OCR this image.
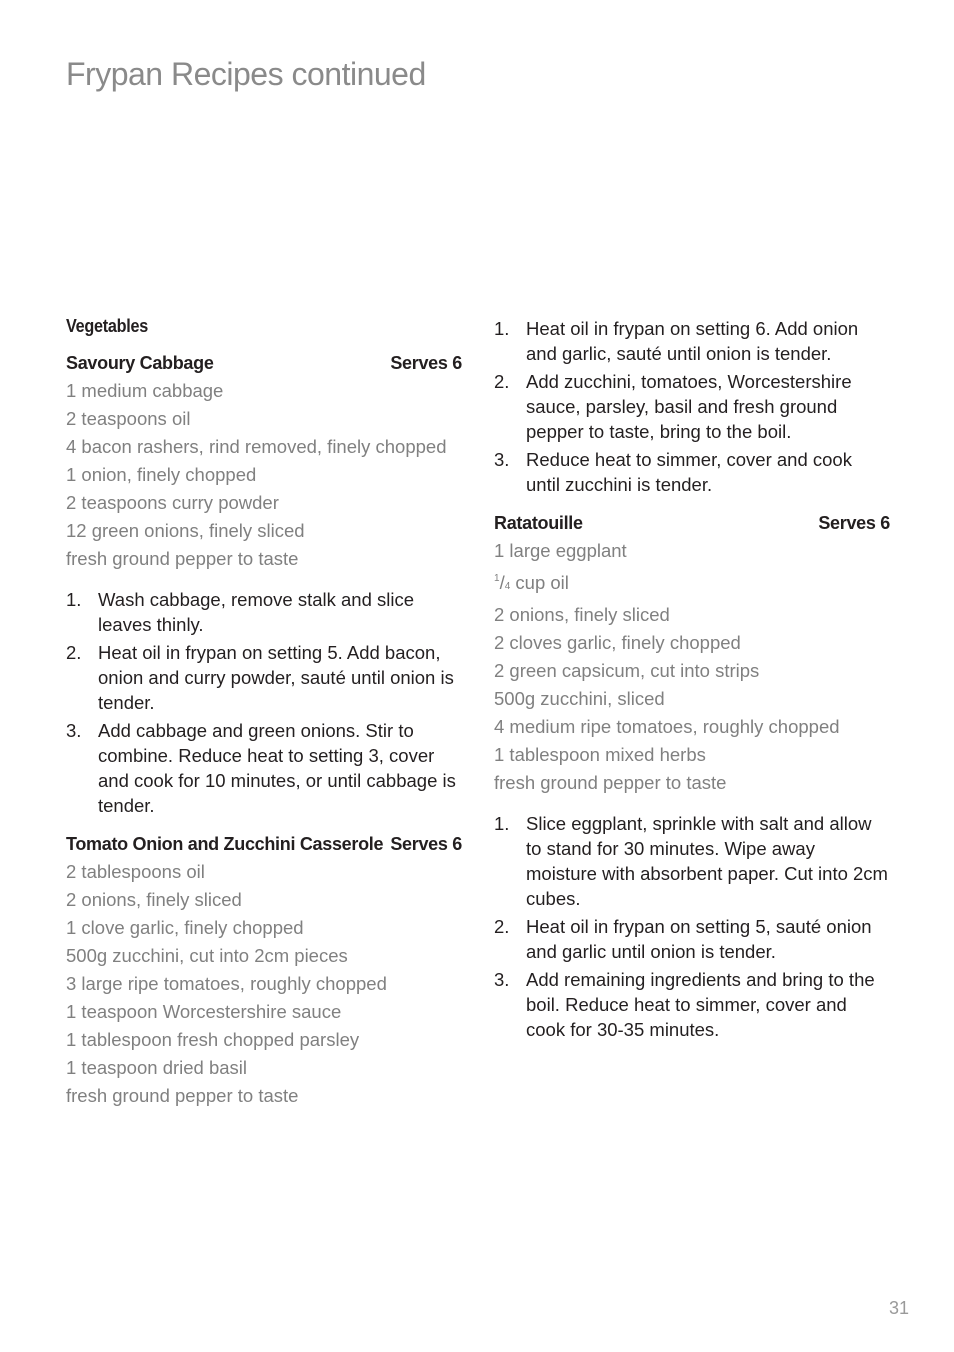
Frypan Recipes continued
Vegetables
Savoury Cabbage	Serves 6
1 medium cabbage
2 teaspoons oil
4 bacon rashers, rind removed, finely chopped
1 onion, finely chopped
2 teaspoons curry powder
12 green onions, finely sliced
fresh ground pepper to taste
1. Wash cabbage, remove stalk and slice leaves thinly.
2. Heat oil in frypan on setting 5. Add bacon, onion and curry powder, sauté until onion is tender.
3. Add cabbage and green onions. Stir to combine. Reduce heat to setting 3, cover and cook for 10 minutes, or until cabbage is tender.
Tomato Onion and Zucchini Casserole Serves 6
2 tablespoons oil
2 onions, finely sliced
1 clove garlic, finely chopped
500g zucchini, cut into 2cm pieces
3 large ripe tomatoes, roughly chopped
1 teaspoon Worcestershire sauce
1 tablespoon fresh chopped parsley
1 teaspoon dried basil
fresh ground pepper to taste
1. Heat oil in frypan on setting 6. Add onion and garlic, sauté until onion is tender.
2. Add zucchini, tomatoes, Worcestershire sauce, parsley, basil and fresh ground pepper to taste, bring to the boil.
3. Reduce heat to simmer, cover and cook until zucchini is tender.
Ratatouille	Serves 6
1 large eggplant
$^1$/4 cup oil
2 onions, finely sliced
2 cloves garlic, finely chopped
2 green capsicum, cut into strips
500g zucchini, sliced
4 medium ripe tomatoes, roughly chopped
1 tablespoon mixed herbs
fresh ground pepper to taste
1. Slice eggplant, sprinkle with salt and allow to stand for 30 minutes. Wipe away moisture with absorbent paper. Cut into 2cm cubes.
2. Heat oil in frypan on setting 5, sauté onion and garlic until onion is tender.
3. Add remaining ingredients and bring to the boil. Reduce heat to simmer, cover and cook for 30-35 minutes.
31
